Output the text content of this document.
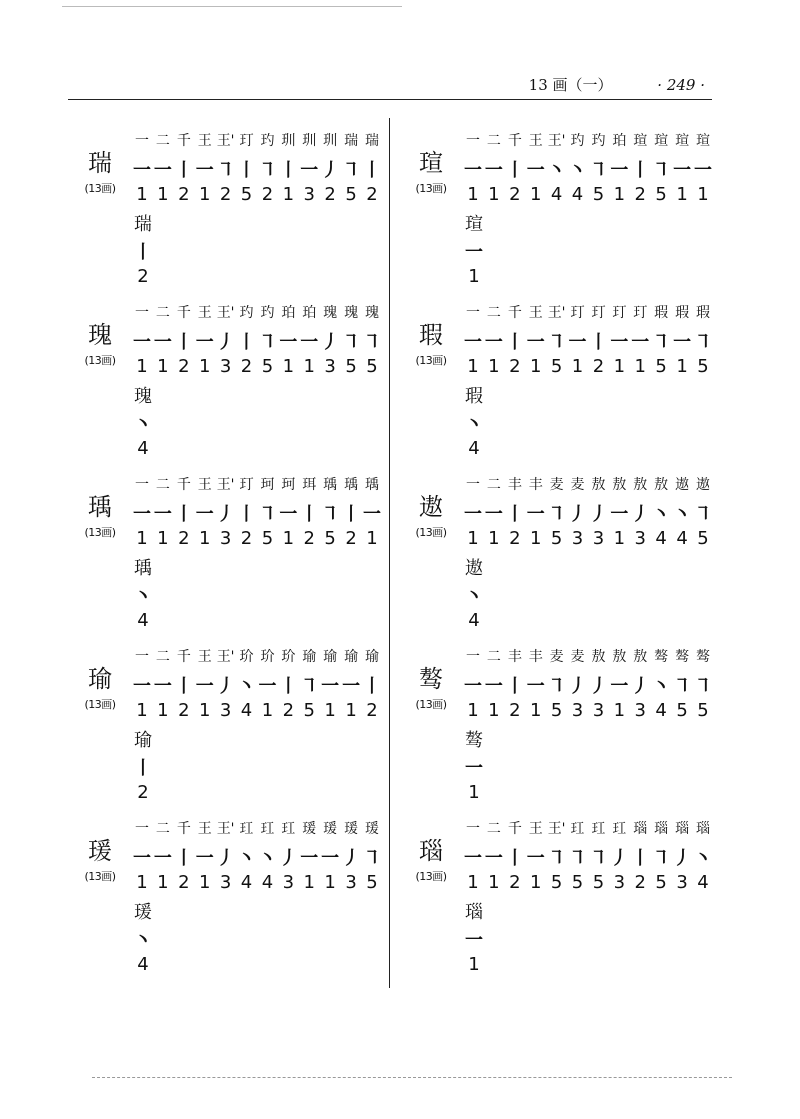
13 画（一）	· 249 ·
瑞
(13画)
一 二 千 王 王' 玎 玓 玔 玔 玔 瑞 瑞
一 一 丨 一 ㇕ 丨 ㇕ 丨 一 丿 ㇕ 丨
1 1 2 1 2 5 2 1 3 2 5 2
瑞
丨
2
瑰
(13画)
一 二 千 王 王' 玓 玓 珀 珀 瑰 瑰 瑰
一 一 丨 一 丿 丨 ㇕ 一 一 丿 ㇕ ㇕
1 1 2 1 3 2 5 1 1 3 5 5
瑰
丶
4
瑀
(13画)
一 二 千 王 王' 玎 珂 珂 珥 瑀 瑀 瑀
一 一 丨 一 丿 丨 ㇕ 一 丨 ㇕ 丨 一
1 1 2 1 3 2 5 1 2 5 2 1
瑀
丶
4
瑜
(13画)
一 二 千 王 王' 玠 玠 玠 瑜 瑜 瑜 瑜
一 一 丨 一 丿 丶 一 丨 ㇕ 一 一 丨
1 1 2 1 3 4 1 2 5 1 1 2
瑜
丨
2
瑗
(13画)
一 二 千 王 王' 玒 玒 玒 瑗 瑗 瑗 瑗
一 一 丨 一 丿 丶 丶 丿 一 一 丿 ㇕
1 1 2 1 3 4 4 3 1 1 3 5
瑗
丶
4
瑄
(13画)
一 二 千 王 王' 玓 玓 珀 瑄 瑄 瑄 瑄
一 一 丨 一 丶 丶 ㇕ 一 丨 ㇕ 一 一
1 1 2 1 4 4 5 1 2 5 1 1
瑄
一
1
瑕
(13画)
一 二 千 王 王' 玎 玎 玎 玎 瑕 瑕 瑕
一 一 丨 一 ㇕ 一 丨 一 一 ㇕ 一 ㇕
1 1 2 1 5 1 2 1 1 5 1 5
瑕
丶
4
遨
(13画)
一 二 丰 丰 麦 麦 敖 敖 敖 敖 遨 遨
一 一 丨 一 ㇕ 丿 丿 一 丿 丶 丶 ㇕
1 1 2 1 5 3 3 1 3 4 4 5
遨
丶
4
骜
(13画)
一 二 丰 丰 麦 麦 敖 敖 敖 骜 骜 骜
一 一 丨 一 ㇕ 丿 丿 一 丿 丶 ㇕ ㇕
1 1 2 1 5 3 3 1 3 4 5 5
骜
一
1
瑙
(13画)
一 二 千 王 王' 玒 玒 玒 瑙 瑙 瑙 瑙
一 一 丨 一 ㇕ ㇕ ㇕ 丿 丨 ㇕ 丿 丶
1 1 2 1 5 5 5 3 2 5 3 4
瑙
一
1
